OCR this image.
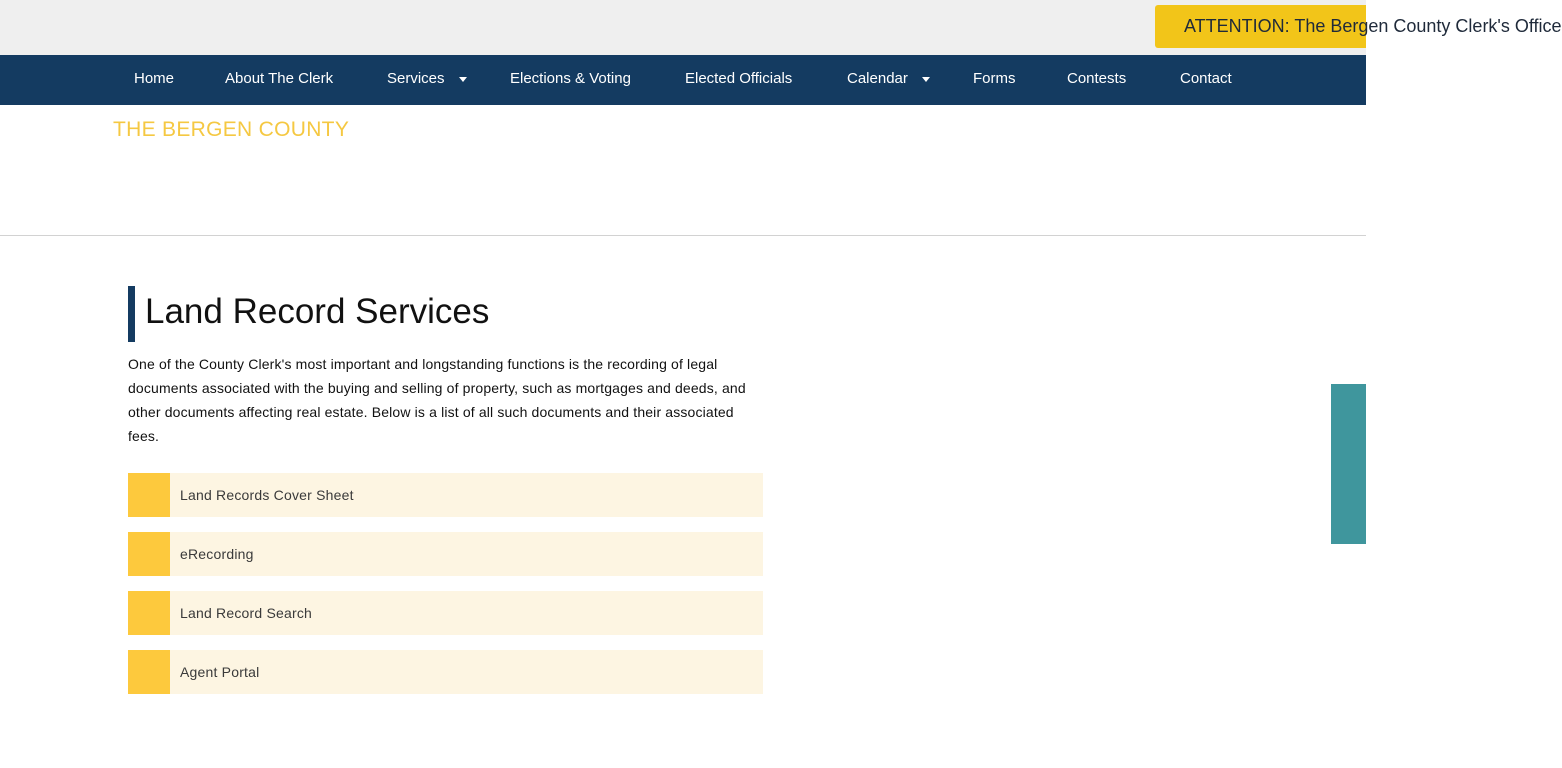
ATTENTION: The Bergen County Clerk's Office
Home	About The Clerk	Services	Elections & Voting	Elected Officials	Calendar	Forms	Contests	Contact
THE BERGEN COUNTY
Land Record Services

One of the County Clerk's most important and longstanding functions is the recording of legal documents associated with the buying and selling of property, such as mortgages and deeds, and other documents affecting real estate. Below is a list of all such documents and their associated fees.

Land Records Cover Sheet
eRecording
Land Record Search
Agent Portal
